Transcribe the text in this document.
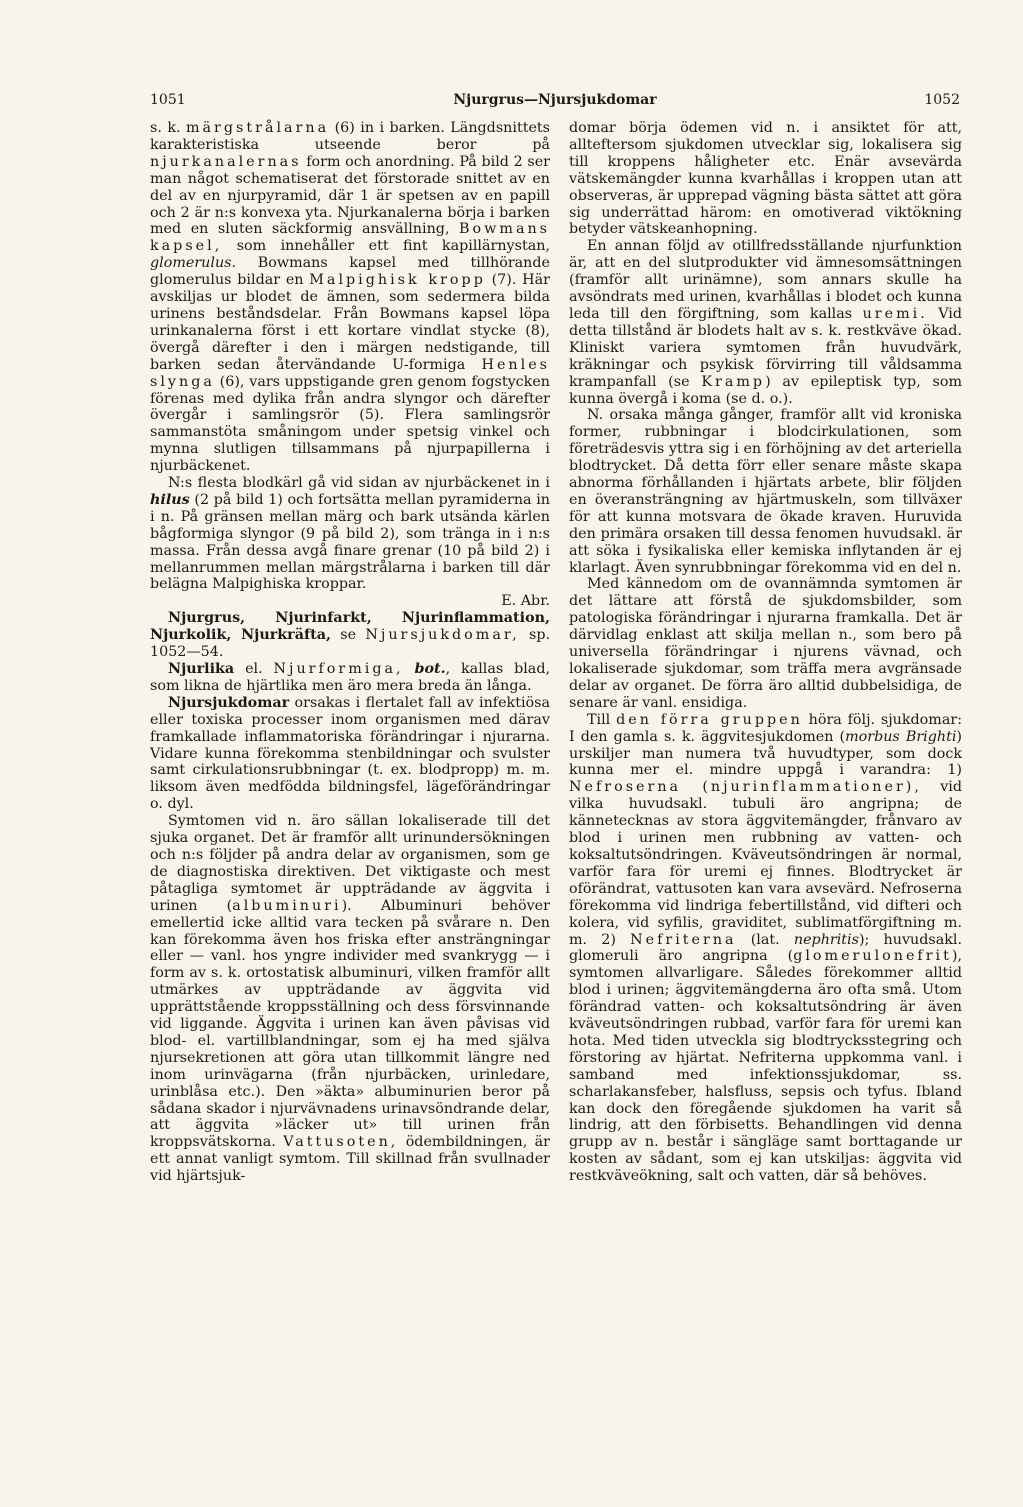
1051	Njurgrus—Njursjukdomar	1052

s. k. märgstrålarna (6) in i barken. Längdsnittets karakteristiska utseende beror på njurkanalernas form och anordning. På bild 2 ser man något schematiserat det förstorade snittet av en del av en njurpyramid, där 1 är spetsen av en papill och 2 är n:s konvexa yta. Njurkanalerna börja i barken med en sluten säckformig ansvällning, Bowmans kapsel, som innehåller ett fint kapillärnystan, glomerulus. Bowmans kapsel med tillhörande glomerulus bildar en Malpighisk kropp (7). Här avskiljas ur blodet de ämnen, som sedermera bilda urinens beståndsdelar. Från Bowmans kapsel löpa urinkanalerna först i ett kortare vindlat stycke (8), övergå därefter i den i märgen nedstigande, till barken sedan återvändande U-formiga Henles slynga (6), vars uppstigande gren genom fogstycken förenas med dylika från andra slyngor och därefter övergår i samlingsrör (5). Flera samlingsrör sammanstöta småningom under spetsig vinkel och mynna slutligen tillsammans på njurpapillerna i njurbäckenet.

N:s flesta blodkärl gå vid sidan av njurbäckenet in i hilus (2 på bild 1) och fortsätta mellan pyramiderna in i n. På gränsen mellan märg och bark utsända kärlen bågformiga slyngor (9 på bild 2), som tränga in i n:s massa. Från dessa avgå finare grenar (10 på bild 2) i mellanrummen mellan märgstrålarna i barken till där belägna Malpighiska kroppar.

E. Abr.

Njurgrus, Njurinfarkt, Njurinflammation, Njurkolik, Njurkräfta, se Njursjukdomar, sp. 1052—54.

Njurlika el. Njurformiga, bot., kallas blad, som likna de hjärtlika men äro mera breda än långa.

Njursjukdomar orsakas i flertalet fall av infektiösa eller toxiska processer inom organismen med därav framkallade inflammatoriska förändringar i njurarna. Vidare kunna förekomma stenbildningar och svulster samt cirkulationsrubbningar (t. ex. blodpropp) m. m. liksom även medfödda bildningsfel, lägeförändringar o. dyl.

Symtomen vid n. äro sällan lokaliserade till det sjuka organet. Det är framför allt urinundersökningen och n:s följder på andra delar av organismen, som ge de diagnostiska direktiven. Det viktigaste och mest påtagliga symtomet är uppträdande av äggvita i urinen (albuminuri). Albuminuri behöver emellertid icke alltid vara tecken på svårare n. Den kan förekomma även hos friska efter ansträngningar eller — vanl. hos yngre individer med svankrygg — i form av s. k. ortostatisk albuminuri, vilken framför allt utmärkes av uppträdande av äggvita vid upprättstående kroppsställning och dess försvinnande vid liggande. Äggvita i urinen kan även påvisas vid blod- el. vartillblandningar, som ej ha med själva njursekretionen att göra utan tillkommit längre ned inom urinvägarna (från njurbäcken, urinledare, urinblåsa etc.). Den »äkta» albuminurien beror på sådana skador i njurvävnadens urinavsöndrande delar, att äggvita »läcker ut» till urinen från kroppsvätskorna. Vattusoten, ödembildningen, är ett annat vanligt symtom. Till skillnad från svullnader vid hjärtsjuk-

domar börja ödemen vid n. i ansiktet för att, allteftersom sjukdomen utvecklar sig, lokalisera sig till kroppens håligheter etc. Enär avsevärda vätskemängder kunna kvarhållas i kroppen utan att observeras, är upprepad vägning bästa sättet att göra sig underrättad härom: en omotiverad viktökning betyder vätskeanhopning.

En annan följd av otillfredsställande njurfunktion är, att en del slutprodukter vid ämnesomsättningen (framför allt urinämne), som annars skulle ha avsöndrats med urinen, kvarhållas i blodet och kunna leda till den förgiftning, som kallas uremi. Vid detta tillstånd är blodets halt av s. k. restkväve ökad. Kliniskt variera symtomen från huvudvärk, kräkningar och psykisk förvirring till våldsamma krampanfall (se Kramp) av epileptisk typ, som kunna övergå i koma (se d. o.).

N. orsaka många gånger, framför allt vid kroniska former, rubbningar i blodcirkulationen, som företrädesvis yttra sig i en förhöjning av det arteriella blodtrycket. Då detta förr eller senare måste skapa abnorma förhållanden i hjärtats arbete, blir följden en överansträngning av hjärtmuskeln, som tillväxer för att kunna motsvara de ökade kraven. Huruvida den primära orsaken till dessa fenomen huvudsakl. är att söka i fysikaliska eller kemiska inflytanden är ej klarlagt. Även synrubbningar förekomma vid en del n.

Med kännedom om de ovannämnda symtomen är det lättare att förstå de sjukdomsbilder, som patologiska förändringar i njurarna framkalla. Det är därvidlag enklast att skilja mellan n., som bero på universella förändringar i njurens vävnad, och lokaliserade sjukdomar, som träffa mera avgränsade delar av organet. De förra äro alltid dubbelsidiga, de senare är vanl. ensidiga.

Till den förra gruppen höra följ. sjukdomar: I den gamla s. k. äggvitesjukdomen (morbus Brighti) urskiljer man numera två huvudtyper, som dock kunna mer el. mindre uppgå i varandra: 1) Nefroserna (njurinflammationer), vid vilka huvudsakl. tubuli äro angripna; de kännetecknas av stora äggvitemängder, frånvaro av blod i urinen men rubbning av vatten- och koksaltutsöndringen. Kväveutsöndringen är normal, varför fara för uremi ej finnes. Blodtrycket är oförändrat, vattusoten kan vara avsevärd. Nefroserna förekomma vid lindriga febertillstånd, vid difteri och kolera, vid syfilis, graviditet, sublimatförgiftning m. m. 2) Nefriterna (lat. nephritis); huvudsakl. glomeruli äro angripna (glomerulonefrit), symtomen allvarligare. Således förekommer alltid blod i urinen; äggvitemängderna äro ofta små. Utom förändrad vatten- och koksaltutsöndring är även kväveutsöndringen rubbad, varför fara för uremi kan hota. Med tiden utveckla sig blodtrycksstegring och förstoring av hjärtat. Nefriterna uppkomma vanl. i samband med infektionssjukdomar, ss. scharlakansfeber, halsfluss, sepsis och tyfus. Ibland kan dock den föregående sjukdomen ha varit så lindrig, att den förbisetts. Behandlingen vid denna grupp av n. består i sängläge samt borttagande ur kosten av sådant, som ej kan utskiljas: äggvita vid restkväveökning, salt och vatten, där så behöves.
